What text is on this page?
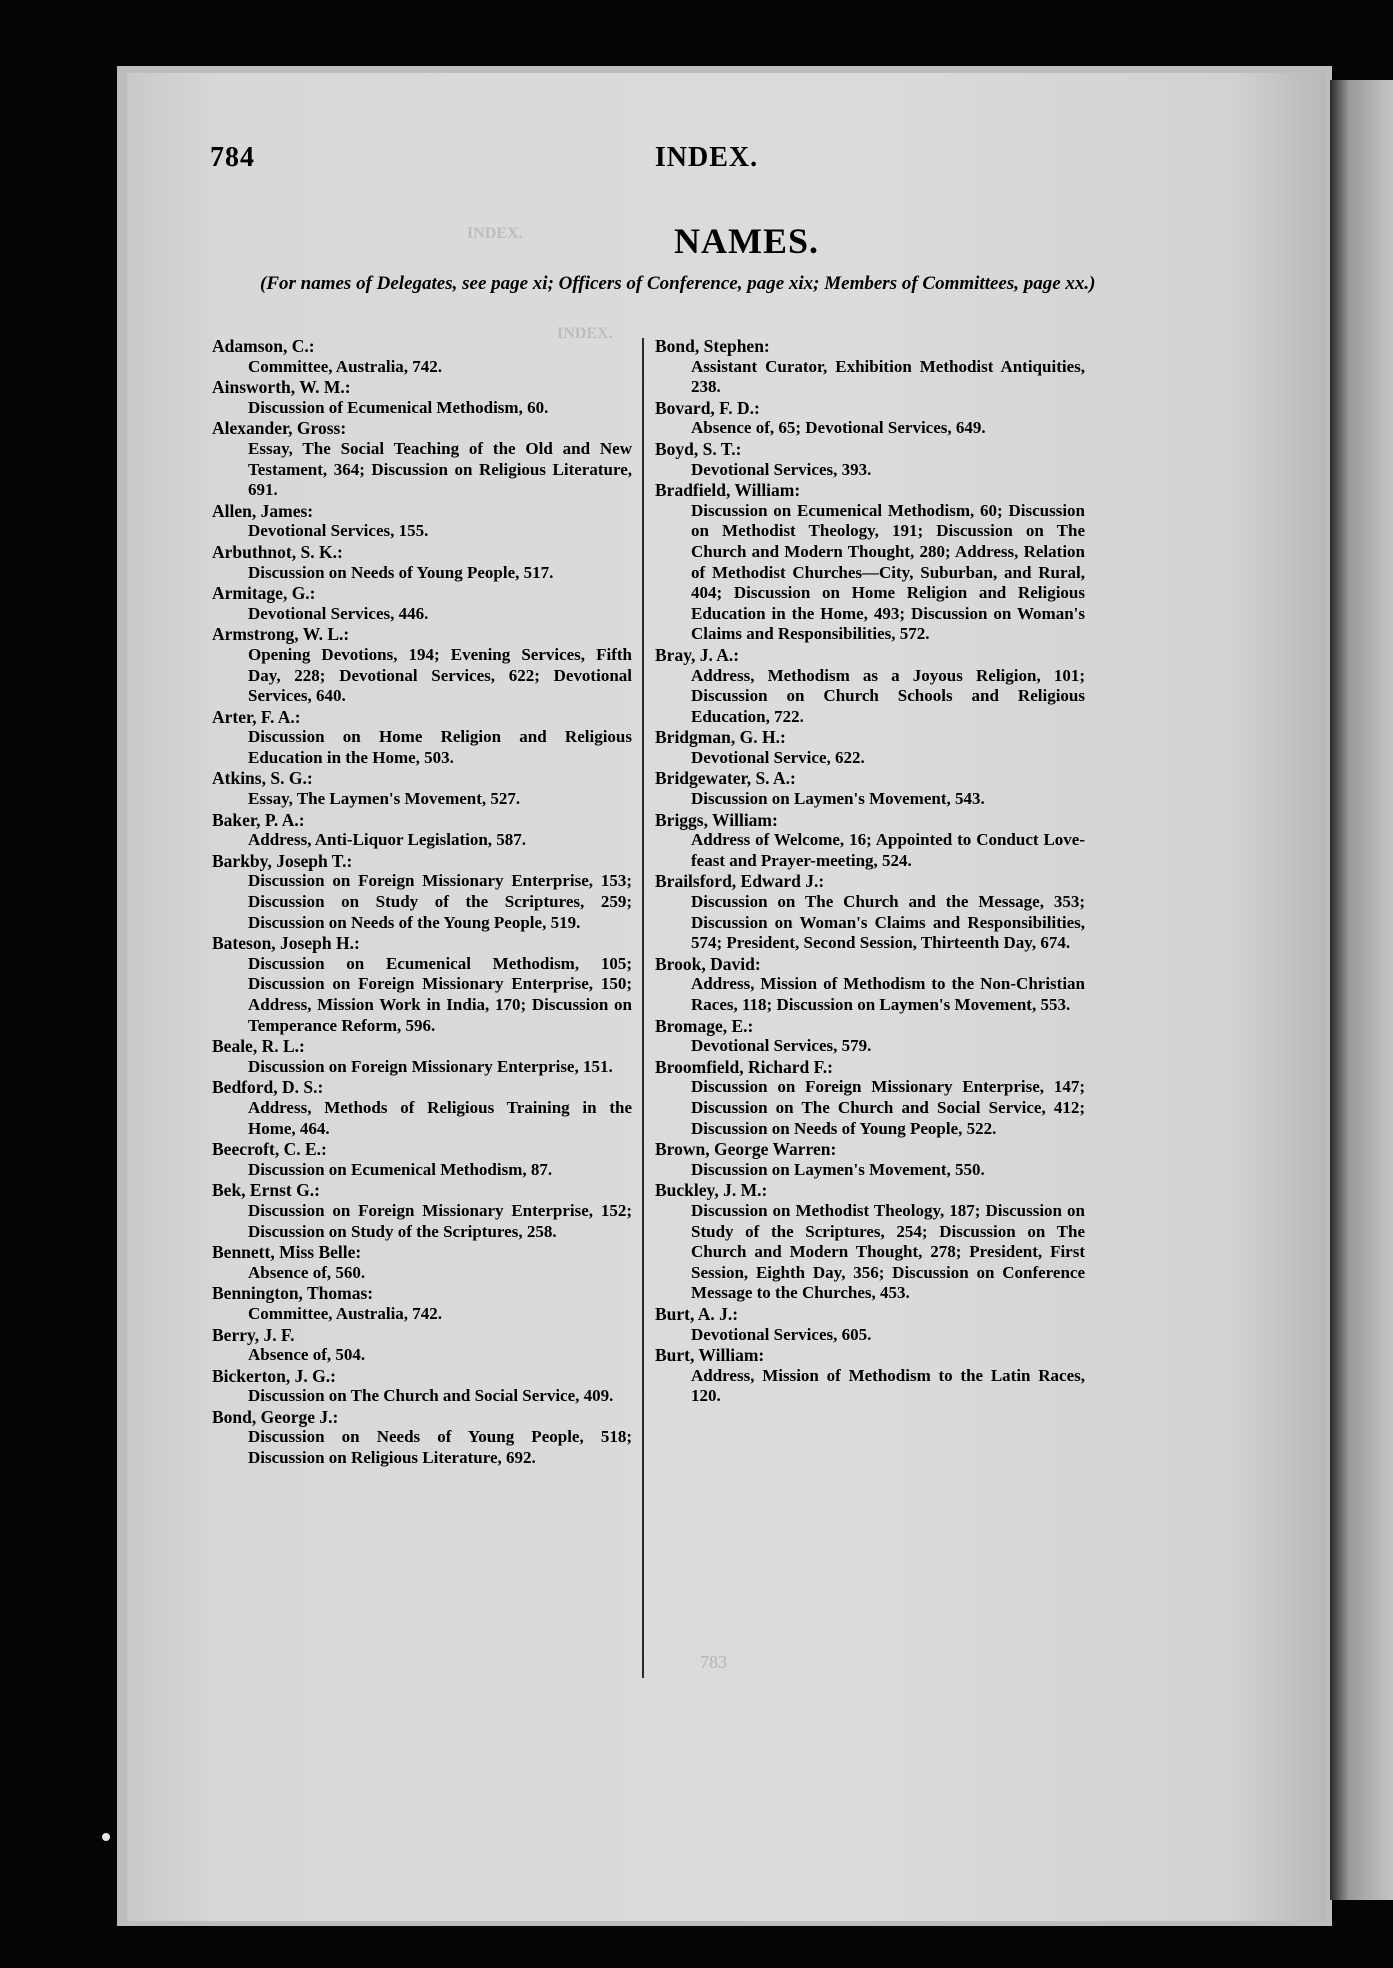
INDEX.
INDEX.
784	INDEX.
NAMES.
(For names of Delegates, see page xi; Officers of Conference, page xix; Members of Committees, page xx.)
Adamson, C.:
Committee, Australia, 742.
Ainsworth, W. M.:
Discussion of Ecumenical Methodism, 60.
Alexander, Gross:
Essay, The Social Teaching of the Old and New Testament, 364; Discussion on Religious Literature, 691.
Allen, James:
Devotional Services, 155.
Arbuthnot, S. K.:
Discussion on Needs of Young People, 517.
Armitage, G.:
Devotional Services, 446.
Armstrong, W. L.:
Opening Devotions, 194; Evening Services, Fifth Day, 228; Devotional Services, 622; Devotional Services, 640.
Arter, F. A.:
Discussion on Home Religion and Religious Education in the Home, 503.
Atkins, S. G.:
Essay, The Laymen's Movement, 527.
Baker, P. A.:
Address, Anti-Liquor Legislation, 587.
Barkby, Joseph T.:
Discussion on Foreign Missionary Enterprise, 153; Discussion on Study of the Scriptures, 259; Discussion on Needs of the Young People, 519.
Bateson, Joseph H.:
Discussion on Ecumenical Methodism, 105; Discussion on Foreign Missionary Enterprise, 150; Address, Mission Work in India, 170; Discussion on Temperance Reform, 596.
Beale, R. L.:
Discussion on Foreign Missionary Enterprise, 151.
Bedford, D. S.:
Address, Methods of Religious Training in the Home, 464.
Beecroft, C. E.:
Discussion on Ecumenical Methodism, 87.
Bek, Ernst G.:
Discussion on Foreign Missionary Enterprise, 152; Discussion on Study of the Scriptures, 258.
Bennett, Miss Belle:
Absence of, 560.
Bennington, Thomas:
Committee, Australia, 742.
Berry, J. F.
Absence of, 504.
Bickerton, J. G.:
Discussion on The Church and Social Service, 409.
Bond, George J.:
Discussion on Needs of Young People, 518; Discussion on Religious Literature, 692.
Bond, Stephen:
Assistant Curator, Exhibition Methodist Antiquities, 238.
Bovard, F. D.:
Absence of, 65; Devotional Services, 649.
Boyd, S. T.:
Devotional Services, 393.
Bradfield, William:
Discussion on Ecumenical Methodism, 60; Discussion on Methodist Theology, 191; Discussion on The Church and Modern Thought, 280; Address, Relation of Methodist Churches—City, Suburban, and Rural, 404; Discussion on Home Religion and Religious Education in the Home, 493; Discussion on Woman's Claims and Responsibilities, 572.
Bray, J. A.:
Address, Methodism as a Joyous Religion, 101; Discussion on Church Schools and Religious Education, 722.
Bridgman, G. H.:
Devotional Service, 622.
Bridgewater, S. A.:
Discussion on Laymen's Movement, 543.
Briggs, William:
Address of Welcome, 16; Appointed to Conduct Love-feast and Prayer-meeting, 524.
Brailsford, Edward J.:
Discussion on The Church and the Message, 353; Discussion on Woman's Claims and Responsibilities, 574; President, Second Session, Thirteenth Day, 674.
Brook, David:
Address, Mission of Methodism to the Non-Christian Races, 118; Discussion on Laymen's Movement, 553.
Bromage, E.:
Devotional Services, 579.
Broomfield, Richard F.:
Discussion on Foreign Missionary Enterprise, 147; Discussion on The Church and Social Service, 412; Discussion on Needs of Young People, 522.
Brown, George Warren:
Discussion on Laymen's Movement, 550.
Buckley, J. M.:
Discussion on Methodist Theology, 187; Discussion on Study of the Scriptures, 254; Discussion on The Church and Modern Thought, 278; President, First Session, Eighth Day, 356; Discussion on Conference Message to the Churches, 453.
Burt, A. J.:
Devotional Services, 605.
Burt, William:
Address, Mission of Methodism to the Latin Races, 120.
783
